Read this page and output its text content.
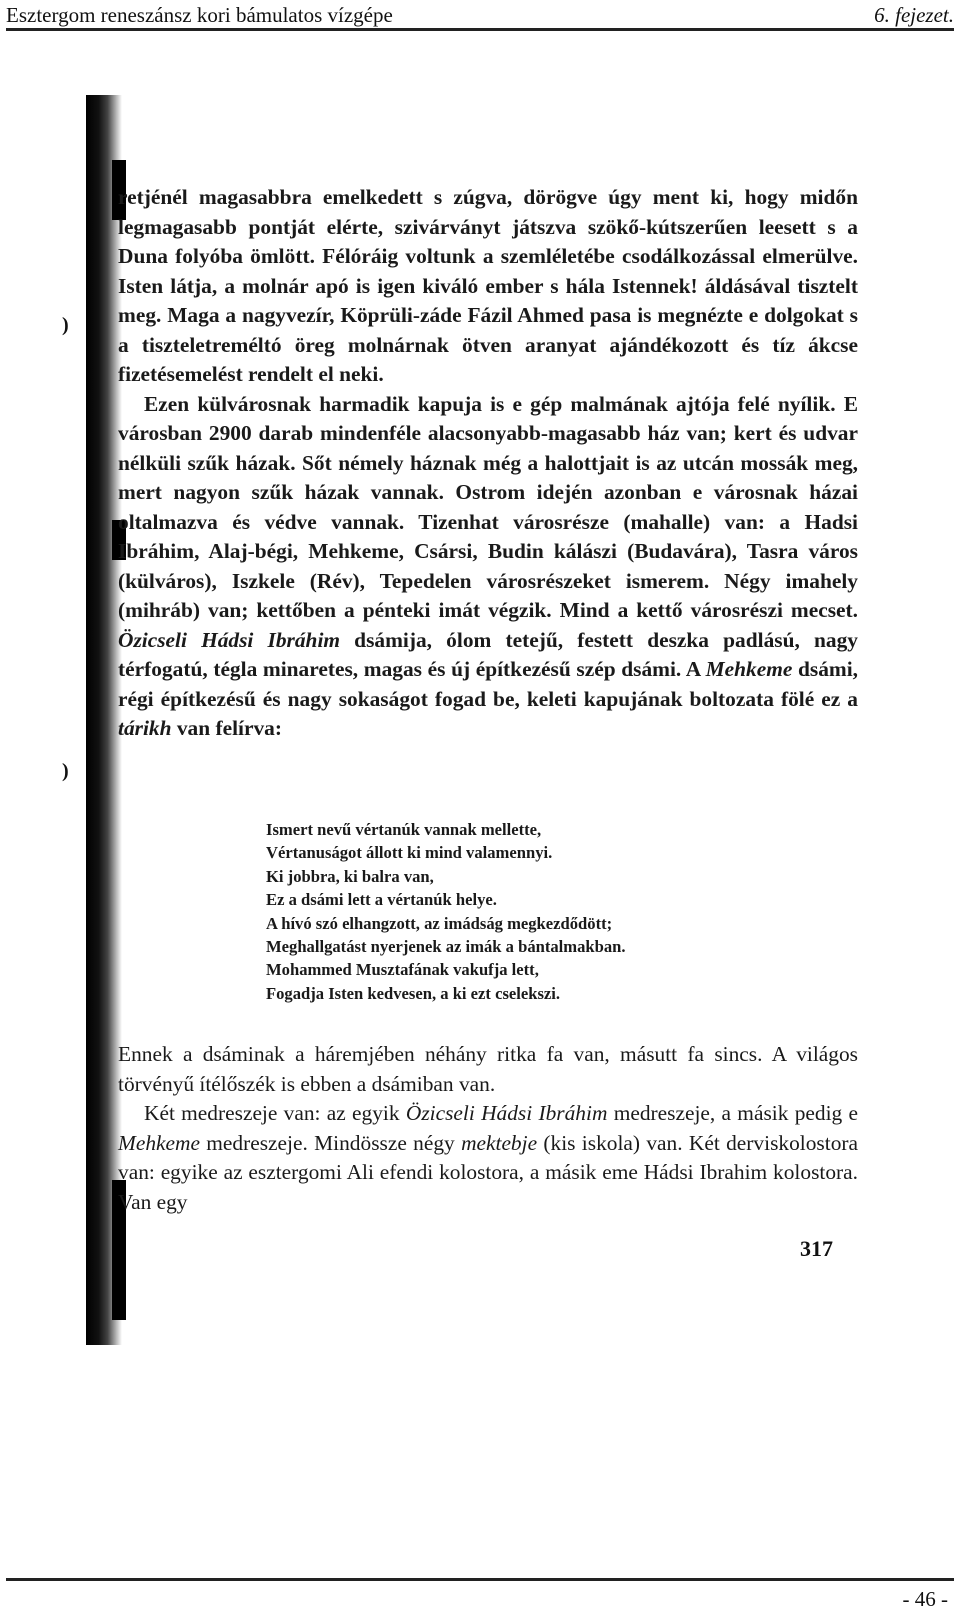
Esztergom reneszánsz kori bámulatos vízgépe	6. fejezet.
)
)

retjénél magasabbra emelkedett s zúgva, dörögve úgy ment ki, hogy midőn legmagasabb pontját elérte, szivárványt játszva szökő-kútszerűen leesett s a Duna folyóba ömlött. Félóráig voltunk a szemléletébe csodálkozással elmerülve. Isten látja, a molnár apó is igen kiváló ember s hála Istennek! áldásával tisztelt meg. Maga a nagyvezír, Köprüli-záde Fázil Ahmed pasa is megnézte e dolgokat s a tiszteletreméltó öreg molnárnak ötven aranyat ajándékozott és tíz ákcse fizetésemelést rendelt el neki.

Ezen külvárosnak harmadik kapuja is e gép malmának ajtója felé nyílik. E városban 2900 darab mindenféle alacsonyabb-magasabb ház van; kert és udvar nélküli szűk házak. Sőt némely háznak még a halottjait is az utcán mossák meg, mert nagyon szűk házak vannak. Ostrom idején azonban e városnak házai oltalmazva és védve vannak. Tizenhat városrésze (mahalle) van: a Hadsi Ibráhim, Alaj-bégi, Mehkeme, Csársi, Budin kálászi (Budavára), Tasra város (külváros), Iszkele (Rév), Tepedelen városrészeket ismerem. Négy imahely (mihráb) van; kettőben a pénteki imát végzik. Mind a kettő városrészi mecset. Özicseli Hádsi Ibráhim dsámija, ólom tetejű, festett deszka padlású, nagy térfogatú, tégla minaretes, magas és új építkezésű szép dsámi. A Mehkeme dsámi, régi építkezésű és nagy sokaságot fogad be, keleti kapujának boltozata fölé ez a tárikh van felírva:

Ismert nevű vértanúk vannak mellette,
Vértanuságot állott ki mind valamennyi.
Ki jobbra, ki balra van,
Ez a dsámi lett a vértanúk helye.
A hívó szó elhangzott, az imádság megkezdődött;
Meghallgatást nyerjenek az imák a bántalmakban.
Mohammed Musztafának vakufja lett,
Fogadja Isten kedvesen, a ki ezt cselekszi.

Ennek a dsáminak a háremjében néhány ritka fa van, másutt fa sincs. A világos törvényű ítélőszék is ebben a dsámiban van.

Két medreszeje van: az egyik Özicseli Hádsi Ibráhim medreszeje, a másik pedig e Mehkeme medreszeje. Mindössze négy mektebje (kis iskola) van. Két derviskolostora van: egyike az esztergomi Ali efendi kolostora, a másik eme Hádsi Ibrahim kolostora. Van egy

317
- 46 -
